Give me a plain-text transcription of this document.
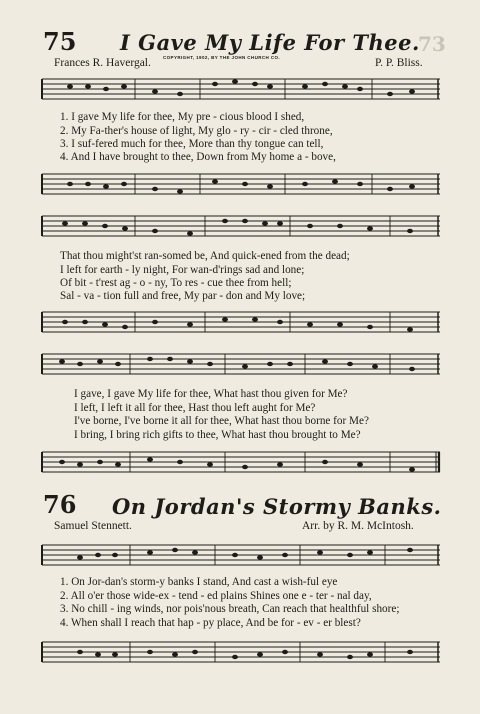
73
75 I Gave My Life For Thee.
COPYRIGHT, 1902, BY THE JOHN CHURCH CO.
Frances R. Havergal.	P. P. Bliss.
1. I gave My life for thee, My pre - cious blood I shed,
2. My Fa-ther's house of light, My glo - ry - cir - cled throne,
3. I suf-fered much for thee, More than thy tongue can tell,
4. And I have brought to thee, Down from My home a - bove,
That thou might'st ran-somed be, And quick-ened from the dead;
I left for earth - ly night, For wan-d'rings sad and lone;
Of bit - t'rest ag - o - ny, To res - cue thee from hell;
Sal - va - tion full and free, My par - don and My love;
I gave, I gave My life for thee, What hast thou given for Me?
I left, I left it all for thee, Hast thou left aught for Me?
I've borne, I've borne it all for thee, What hast thou borne for Me?
I bring, I bring rich gifts to thee, What hast thou brought to Me?
76 On Jordan's Stormy Banks.
Samuel Stennett.	Arr. by R. M. McIntosh.
1. On Jor-dan's storm-y banks I stand, And cast a wish-ful eye
2. All o'er those wide-ex - tend - ed plains Shines one e - ter - nal day,
3. No chill - ing winds, nor pois'nous breath, Can reach that healthful shore;
4. When shall I reach that hap - py place, And be for - ev - er blest?
